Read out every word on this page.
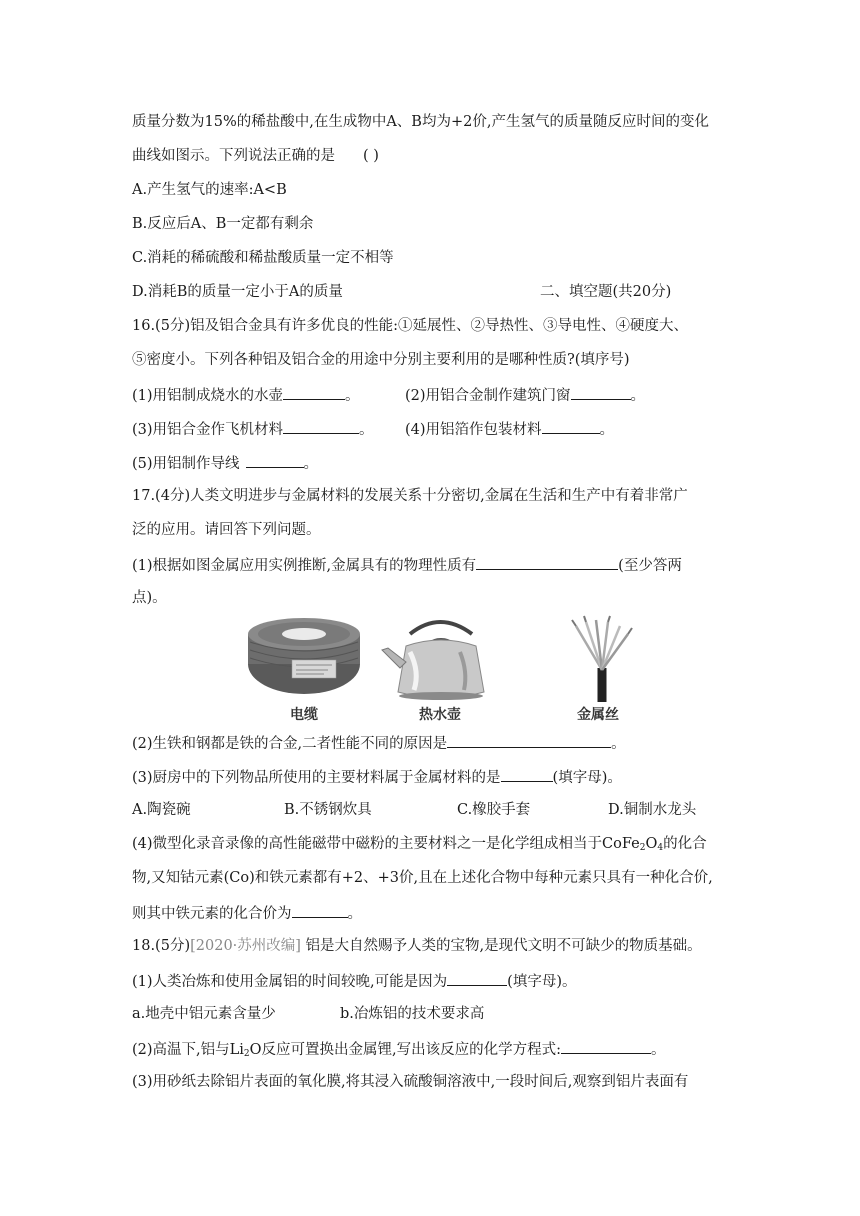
质量分数为15%的稀盐酸中,在生成物中A、B均为+2价,产生氢气的质量随反应时间的变化
曲线如图示。下列说法正确的是 ( )
A.产生氢气的速率:A<B
B.反应后A、B一定都有剩余
C.消耗的稀硫酸和稀盐酸质量一定不相等
D.消耗B的质量一定小于A的质量	二、填空题(共20分)
16.(5分)铝及铝合金具有许多优良的性能:①延展性、②导热性、③导电性、④硬度大、
⑤密度小。下列各种铝及铝合金的用途中分别主要利用的是哪种性质?(填序号)
(1)用铝制成烧水的水壶	。	(2)用铝合金制作建筑门窗	。
(3)用铝合金作飞机材料	。 (4)用铝箔作包装材料	。
(5)用铝制作导线	。
17.(4分)人类文明进步与金属材料的发展关系十分密切,金属在生活和生产中有着非常广
泛的应用。请回答下列问题。
(1)根据如图金属应用实例推断,金属具有的物理性质有	(至少答两
点)。
电缆	热水壶	金属丝
(2)生铁和钢都是铁的合金,二者性能不同的原因是	。
(3)厨房中的下列物品所使用的主要材料属于金属材料的是	(填字母)。
A.陶瓷碗	B.不锈钢炊具	C.橡胶手套	D.铜制水龙头
(4)微型化录音录像的高性能磁带中磁粉的主要材料之一是化学组成相当于$CoFe_2O_4$的化合
物,又知钴元素(Co)和铁元素都有+2、+3价,且在上述化合物中每种元素只具有一种化合价,
则其中铁元素的化合价为	。
18.(5分)[2020·苏州改编] 铝是大自然赐予人类的宝物,是现代文明不可缺少的物质基础。
(1)人类冶炼和使用金属铝的时间较晚,可能是因为	(填字母)。
a.地壳中铝元素含量少	b.冶炼铝的技术要求高
(2)高温下,铝与$Li_2O$反应可置换出金属锂,写出该反应的化学方程式:	。
(3)用砂纸去除铝片表面的氧化膜,将其浸入硫酸铜溶液中,一段时间后,观察到铝片表面有
